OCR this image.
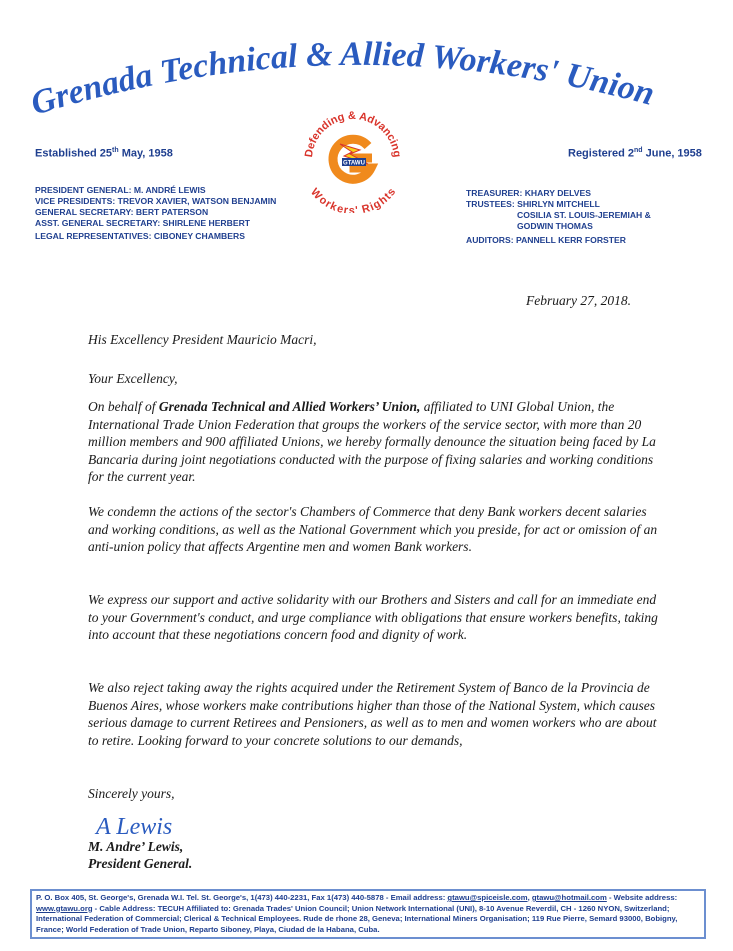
Grenada Technical & Allied Workers' Union
Established 25th May, 1958	Registered 2nd June, 1958
Defending & Advancing
Workers' Rights
GTAWU
PRESIDENT GENERAL: M. ANDRÉ LEWIS
VICE PRESIDENTS: TREVOR XAVIER, WATSON BENJAMIN
GENERAL SECRETARY: BERT PATERSON
ASST. GENERAL SECRETARY: SHIRLENE HERBERT
LEGAL REPRESENTATIVES: CIBONEY CHAMBERS
TREASURER: KHARY DELVES
TRUSTEES: SHIRLYN MITCHELL
COSILIA ST. LOUIS-JEREMIAH &
GODWIN THOMAS
AUDITORS: PANNELL KERR FORSTER
February 27, 2018.
His Excellency President Mauricio Macri,
Your Excellency,

On behalf of Grenada Technical and Allied Workers’ Union, affiliated to UNI Global Union, the International Trade Union Federation that groups the workers of the service sector, with more than 20 million members and 900 affiliated Unions, we hereby formally denounce the situation being faced by La Bancaria during joint negotiations conducted with the purpose of fixing salaries and working conditions for the current year.

We condemn the actions of the sector's Chambers of Commerce that deny Bank workers decent salaries and working conditions, as well as the National Government which you preside, for act or omission of an anti-union policy that affects Argentine men and women Bank workers.

We express our support and active solidarity with our Brothers and Sisters and call for an immediate end to your Government's conduct, and urge compliance with obligations that ensure workers benefits, taking into account that these negotiations concern food and dignity of work.

We also reject taking away the rights acquired under the Retirement System of Banco de la Provincia de Buenos Aires, whose workers make contributions higher than those of the National System, which causes serious damage to current Retirees and Pensioners, as well as to men and women workers who are about to retire. Looking forward to your concrete solutions to our demands,

Sincerely yours,
A Lewis
M. Andre’ Lewis,
President General.
P. O. Box 405, St. George's, Grenada W.I. Tel. St. George's, 1(473) 440-2231, Fax 1(473) 440-5878 - Email address: gtawu@spiceisle.com, gtawu@hotmail.com - Website address: www.gtawu.org - Cable Address: TECUH Affiliated to: Grenada Trades' Union Council; Union Network International (UNI), 8-10 Avenue Reverdil, CH - 1260 NYON, Switzerland; International Federation of Commercial; Clerical & Technical Employees. Rude de rhone 28, Geneva; International Miners Organisation; 119 Rue Pierre, Semard 93000, Bobigny, France; World Federation of Trade Union, Reparto Siboney, Playa, Ciudad de la Habana, Cuba.
